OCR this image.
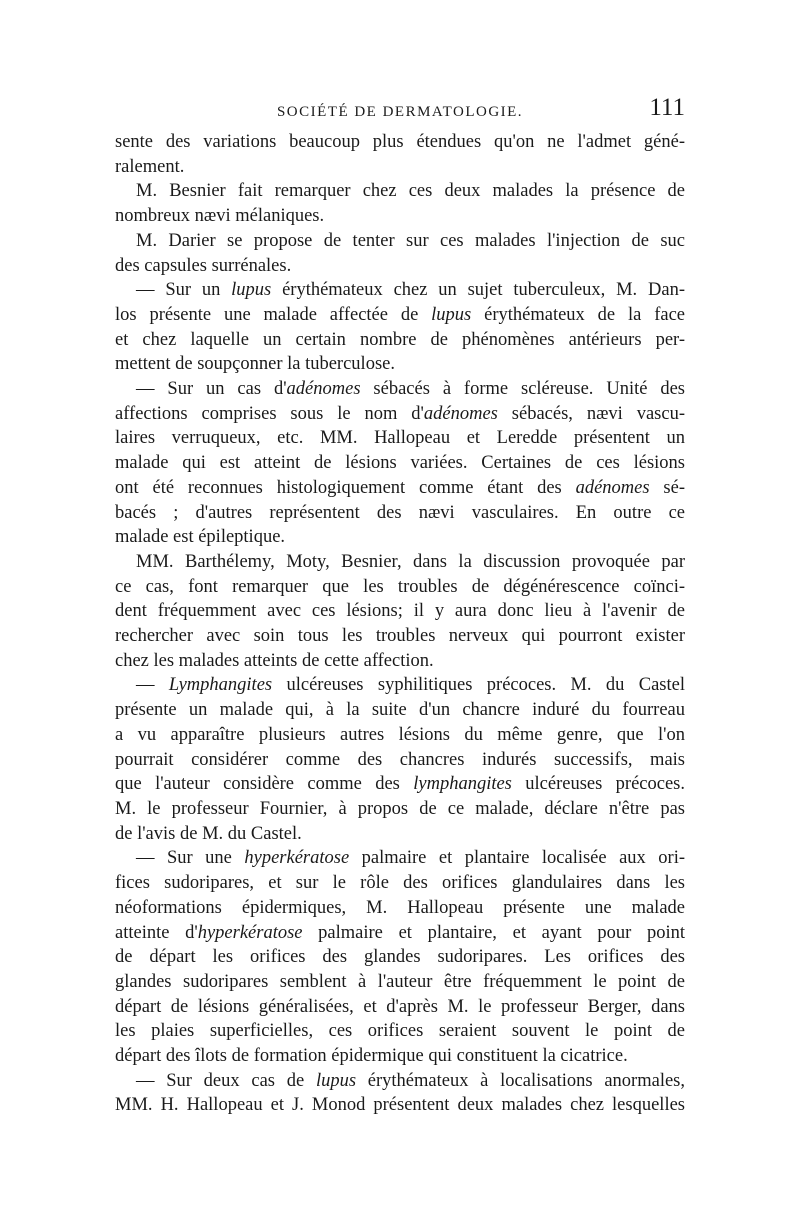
SOCIÉTÉ DE DERMATOLOGIE.	111
sente des variations beaucoup plus étendues qu'on ne l'admet géné-
ralement.
M. Besnier fait remarquer chez ces deux malades la présence de
nombreux nævi mélaniques.
M. Darier se propose de tenter sur ces malades l'injection de suc
des capsules surrénales.
— Sur un lupus érythémateux chez un sujet tuberculeux, M. Dan-
los présente une malade affectée de lupus érythémateux de la face
et chez laquelle un certain nombre de phénomènes antérieurs per-
mettent de soupçonner la tuberculose.
— Sur un cas d'adénomes sébacés à forme scléreuse. Unité des
affections comprises sous le nom d'adénomes sébacés, nævi vascu-
laires verruqueux, etc. MM. Hallopeau et Leredde présentent un
malade qui est atteint de lésions variées. Certaines de ces lésions
ont été reconnues histologiquement comme étant des adénomes sé-
bacés ; d'autres représentent des nævi vasculaires. En outre ce
malade est épileptique.
MM. Barthélemy, Moty, Besnier, dans la discussion provoquée par
ce cas, font remarquer que les troubles de dégénérescence coïnci-
dent fréquemment avec ces lésions; il y aura donc lieu à l'avenir de
rechercher avec soin tous les troubles nerveux qui pourront exister
chez les malades atteints de cette affection.
— Lymphangites ulcéreuses syphilitiques précoces. M. du Castel
présente un malade qui, à la suite d'un chancre induré du fourreau
a vu apparaître plusieurs autres lésions du même genre, que l'on
pourrait considérer comme des chancres indurés successifs, mais
que l'auteur considère comme des lymphangites ulcéreuses précoces.
M. le professeur Fournier, à propos de ce malade, déclare n'être pas
de l'avis de M. du Castel.
— Sur une hyperkératose palmaire et plantaire localisée aux ori-
fices sudoripares, et sur le rôle des orifices glandulaires dans les
néoformations épidermiques, M. Hallopeau présente une malade
atteinte d'hyperkératose palmaire et plantaire, et ayant pour point
de départ les orifices des glandes sudoripares. Les orifices des
glandes sudoripares semblent à l'auteur être fréquemment le point de
départ de lésions généralisées, et d'après M. le professeur Berger, dans
les plaies superficielles, ces orifices seraient souvent le point de
départ des îlots de formation épidermique qui constituent la cicatrice.
— Sur deux cas de lupus érythémateux à localisations anormales,
MM. H. Hallopeau et J. Monod présentent deux malades chez lesquelles
